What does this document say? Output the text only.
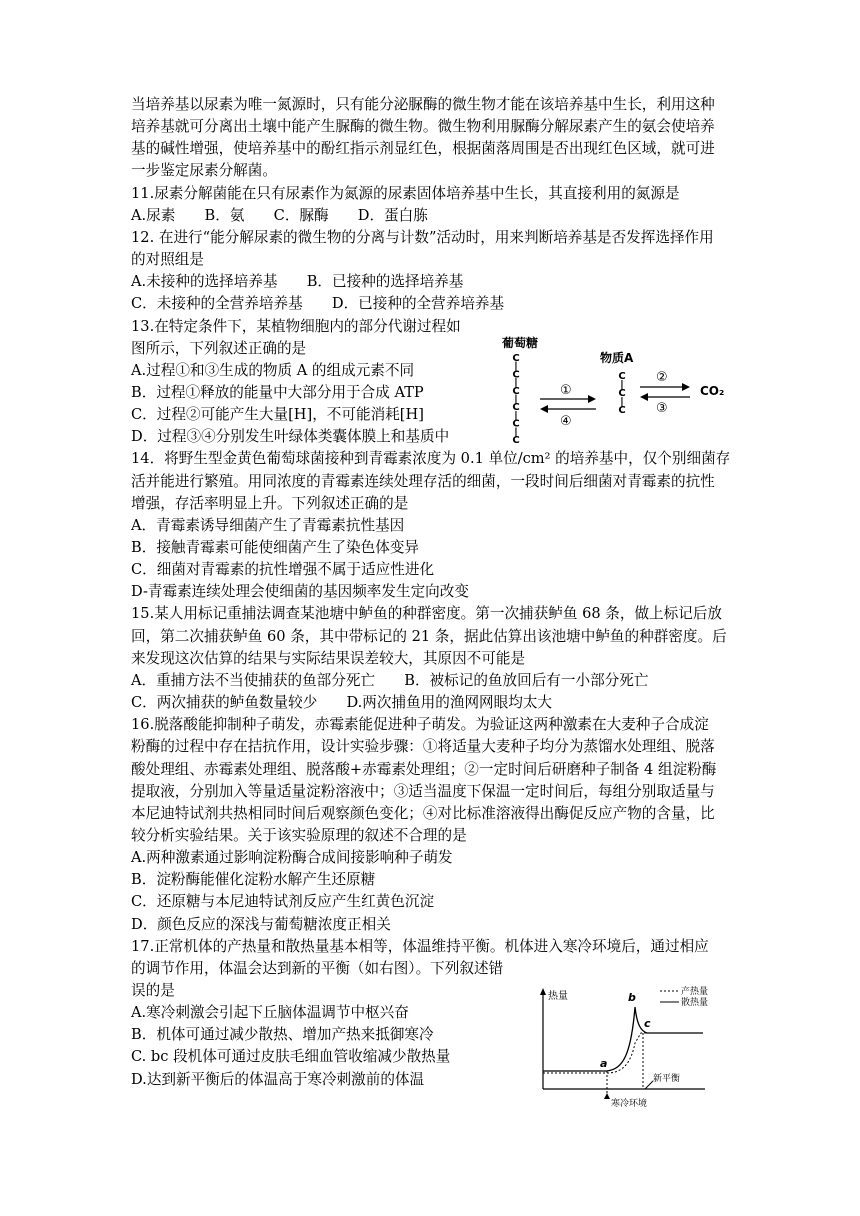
当培养基以尿素为唯一氮源时，只有能分泌脲酶的微生物才能在该培养基中生长，利用这种
培养基就可分离出土壤中能产生脲酶的微生物。微生物利用脲酶分解尿素产生的氨会使培养
基的碱性增强，使培养基中的酚红指示剂显红色，根据菌落周围是否出现红色区域，就可进
一步鉴定尿素分解菌。
11.尿素分解菌能在只有尿素作为氮源的尿素固体培养基中生长，其直接利用的氮源是
A.尿素　　B．氨　　C．脲酶　　D．蛋白胨
12. 在进行“能分解尿素的微生物的分离与计数”活动时，用来判断培养基是否发挥选择作用
的对照组是
A.未接种的选择培养基　　B．已接种的选择培养基
C．未接种的全营养培养基　　D．已接种的全营养培养基
13.在特定条件下，某植物细胞内的部分代谢过程如
图所示，下列叙述正确的是
A.过程①和③生成的物质 A 的组成元素不同
B．过程①释放的能量中大部分用于合成 ATP
C．过程②可能产生大量[H]，不可能消耗[H]
D．过程③④分别发生叶绿体类囊体膜上和基质中
14．将野生型金黄色葡萄球菌接种到青霉素浓度为 0.1 单位/cm² 的培养基中，仅个别细菌存
活并能进行繁殖。用同浓度的青霉素连续处理存活的细菌，一段时间后细菌对青霉素的抗性
增强，存活率明显上升。下列叙述正确的是
A．青霉素诱导细菌产生了青霉素抗性基因
B．接触青霉素可能使细菌产生了染色体变异
C．细菌对青霉素的抗性增强不属于适应性进化
D-青霉素连续处理会使细菌的基因频率发生定向改变
15.某人用标记重捕法调查某池塘中鲈鱼的种群密度。第一次捕获鲈鱼 68 条，做上标记后放
回，第二次捕获鲈鱼 60 条，其中带标记的 21 条，据此估算出该池塘中鲈鱼的种群密度。后
来发现这次估算的结果与实际结果误差较大，其原因不可能是
A．重捕方法不当使捕获的鱼部分死亡　　B．被标记的鱼放回后有一小部分死亡
C．两次捕获的鲈鱼数量较少　　D.两次捕鱼用的渔网网眼均太大
16.脱落酸能抑制种子萌发，赤霉素能促进种子萌发。为验证这两种激素在大麦种子合成淀
粉酶的过程中存在拮抗作用，设计实验步骤：①将适量大麦种子均分为蒸馏水处理组、脱落
酸处理组、赤霉素处理组、脱落酸+赤霉素处理组；②一定时间后研磨种子制备 4 组淀粉酶
提取液，分别加入等量适量淀粉溶液中；③适当温度下保温一定时间后，每组分别取适量与
本尼迪特试剂共热相同时间后观察颜色变化；④对比标准溶液得出酶促反应产物的含量，比
较分析实验结果。关于该实验原理的叙述不合理的是
A.两种激素通过影响淀粉酶合成间接影响种子萌发
B．淀粉酶能催化淀粉水解产生还原糖
C．还原糖与本尼迪特试剂反应产生红黄色沉淀
D．颜色反应的深浅与葡萄糖浓度正相关
17.正常机体的产热量和散热量基本相等，体温维持平衡。机体进入寒冷环境后，通过相应
的调节作用，体温会达到新的平衡（如右图）。下列叙述错
误的是
A.寒冷刺激会引起下丘脑体温调节中枢兴奋
B．机体可通过减少散热、增加产热来抵御寒冷
C. bc 段机体可通过皮肤毛细血管收缩减少散热量
D.达到新平衡后的体温高于寒冷刺激前的体温
葡萄糖
C
|
C
|
C
|
C
|
C
|
C
物质A
C
|
C
|
C
CO₂
①
④
②
③
热量	产热量
散热量
a
b
c
新平衡
寒冷环境
